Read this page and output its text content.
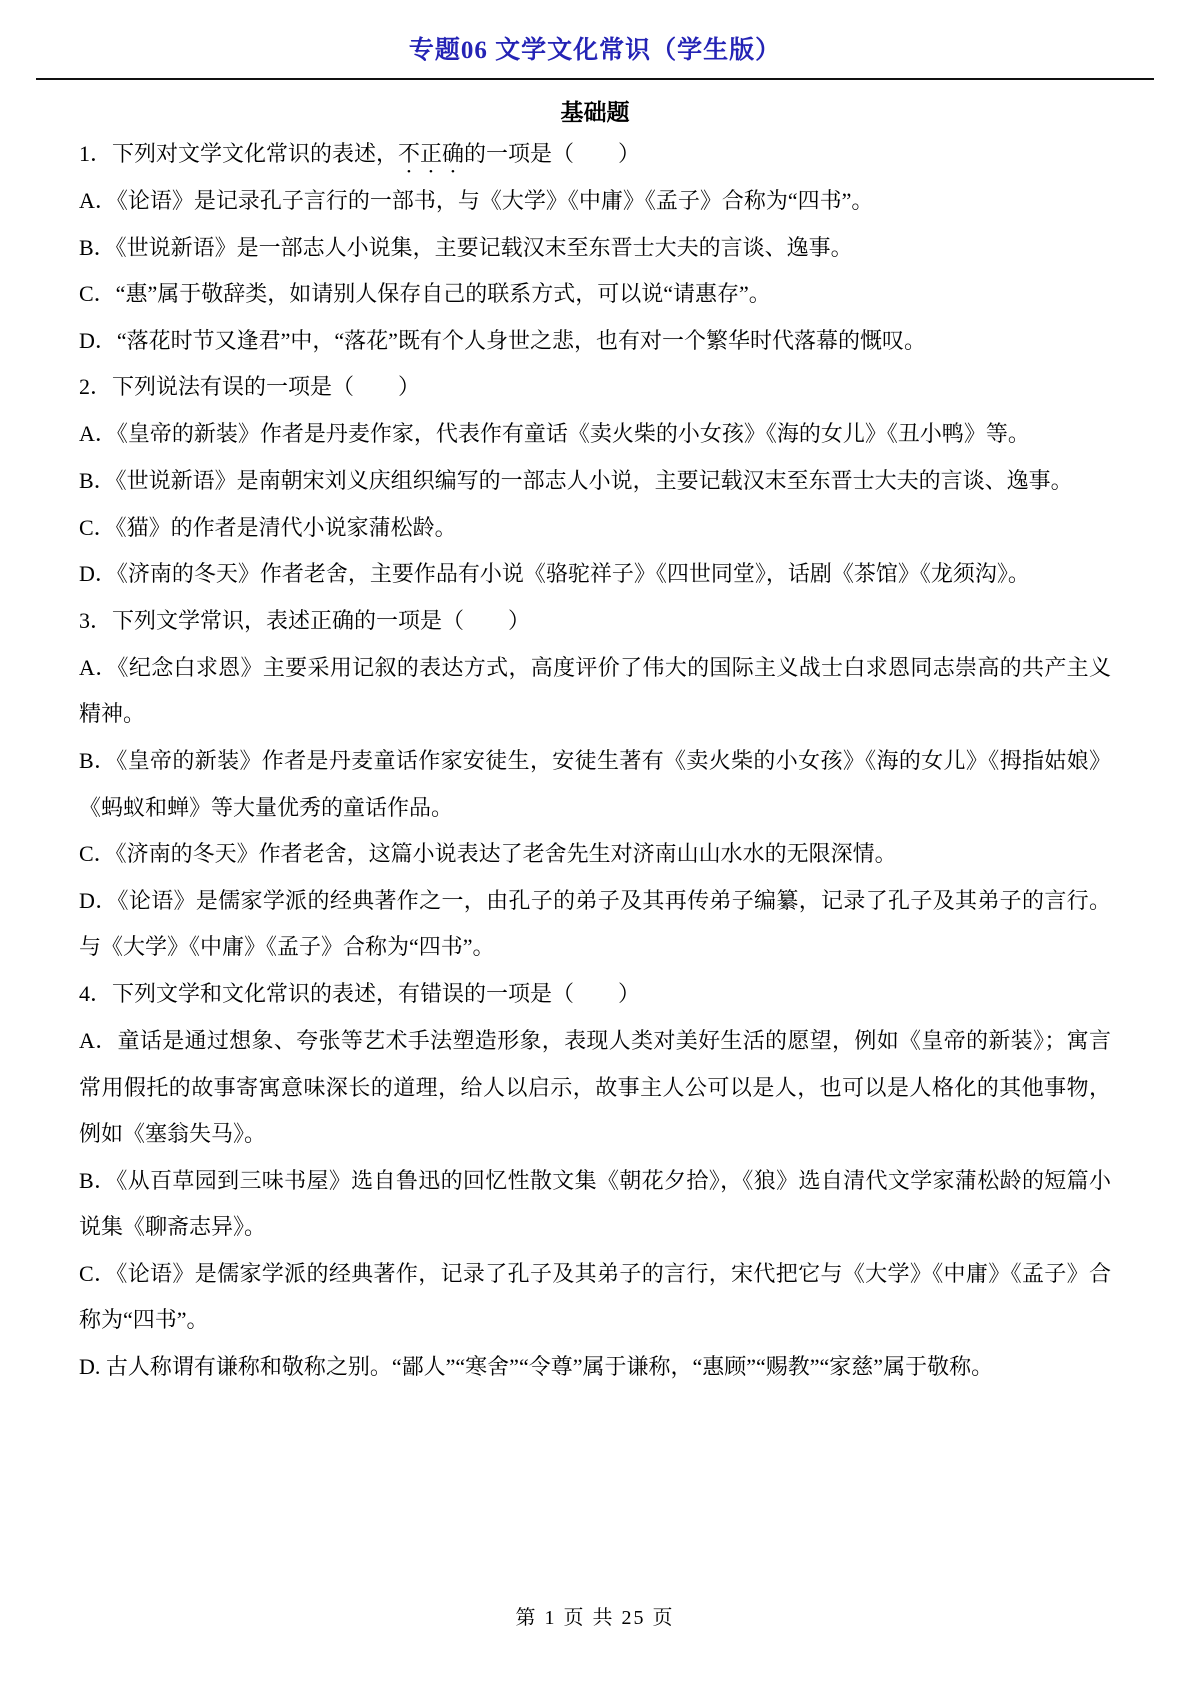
专题06 文学文化常识（学生版）
基础题

1．下列对文学文化常识的表述，不正确的一项是（　　）

A．《论语》是记录孔子言行的一部书，与《大学》《中庸》《孟子》合称为“四书”。

B．《世说新语》是一部志人小说集，主要记载汉末至东晋士大夫的言谈、逸事。

C．“惠”属于敬辞类，如请别人保存自己的联系方式，可以说“请惠存”。

D．“落花时节又逢君”中，“落花”既有个人身世之悲，也有对一个繁华时代落幕的慨叹。

2．下列说法有误的一项是（　　）

A．《皇帝的新装》作者是丹麦作家，代表作有童话《卖火柴的小女孩》《海的女儿》《丑小鸭》等。

B．《世说新语》是南朝宋刘义庆组织编写的一部志人小说，主要记载汉末至东晋士大夫的言谈、逸事。

C．《猫》的作者是清代小说家蒲松龄。

D．《济南的冬天》作者老舍，主要作品有小说《骆驼祥子》《四世同堂》，话剧《茶馆》《龙须沟》。

3．下列文学常识，表述正确的一项是（　　）

A．《纪念白求恩》主要采用记叙的表达方式，高度评价了伟大的国际主义战士白求恩同志崇高的共产主义精神。

B．《皇帝的新装》作者是丹麦童话作家安徒生，安徒生著有《卖火柴的小女孩》《海的女儿》《拇指姑娘》《蚂蚁和蝉》等大量优秀的童话作品。

C．《济南的冬天》作者老舍，这篇小说表达了老舍先生对济南山山水水的无限深情。

D．《论语》是儒家学派的经典著作之一，由孔子的弟子及其再传弟子编纂，记录了孔子及其弟子的言行。与《大学》《中庸》《孟子》合称为“四书”。

4．下列文学和文化常识的表述，有错误的一项是（　　）

A．童话是通过想象、夸张等艺术手法塑造形象，表现人类对美好生活的愿望，例如《皇帝的新装》；寓言常用假托的故事寄寓意味深长的道理，给人以启示，故事主人公可以是人，也可以是人格化的其他事物，例如《塞翁失马》。

B．《从百草园到三味书屋》选自鲁迅的回忆性散文集《朝花夕拾》，《狼》选自清代文学家蒲松龄的短篇小说集《聊斋志异》。

C．《论语》是儒家学派的经典著作，记录了孔子及其弟子的言行，宋代把它与《大学》《中庸》《孟子》合称为“四书”。

D. 古人称谓有谦称和敬称之别。“鄙人”“寒舍”“令尊”属于谦称，“惠顾”“赐教”“家慈”属于敬称。

第 1 页 共 25 页
